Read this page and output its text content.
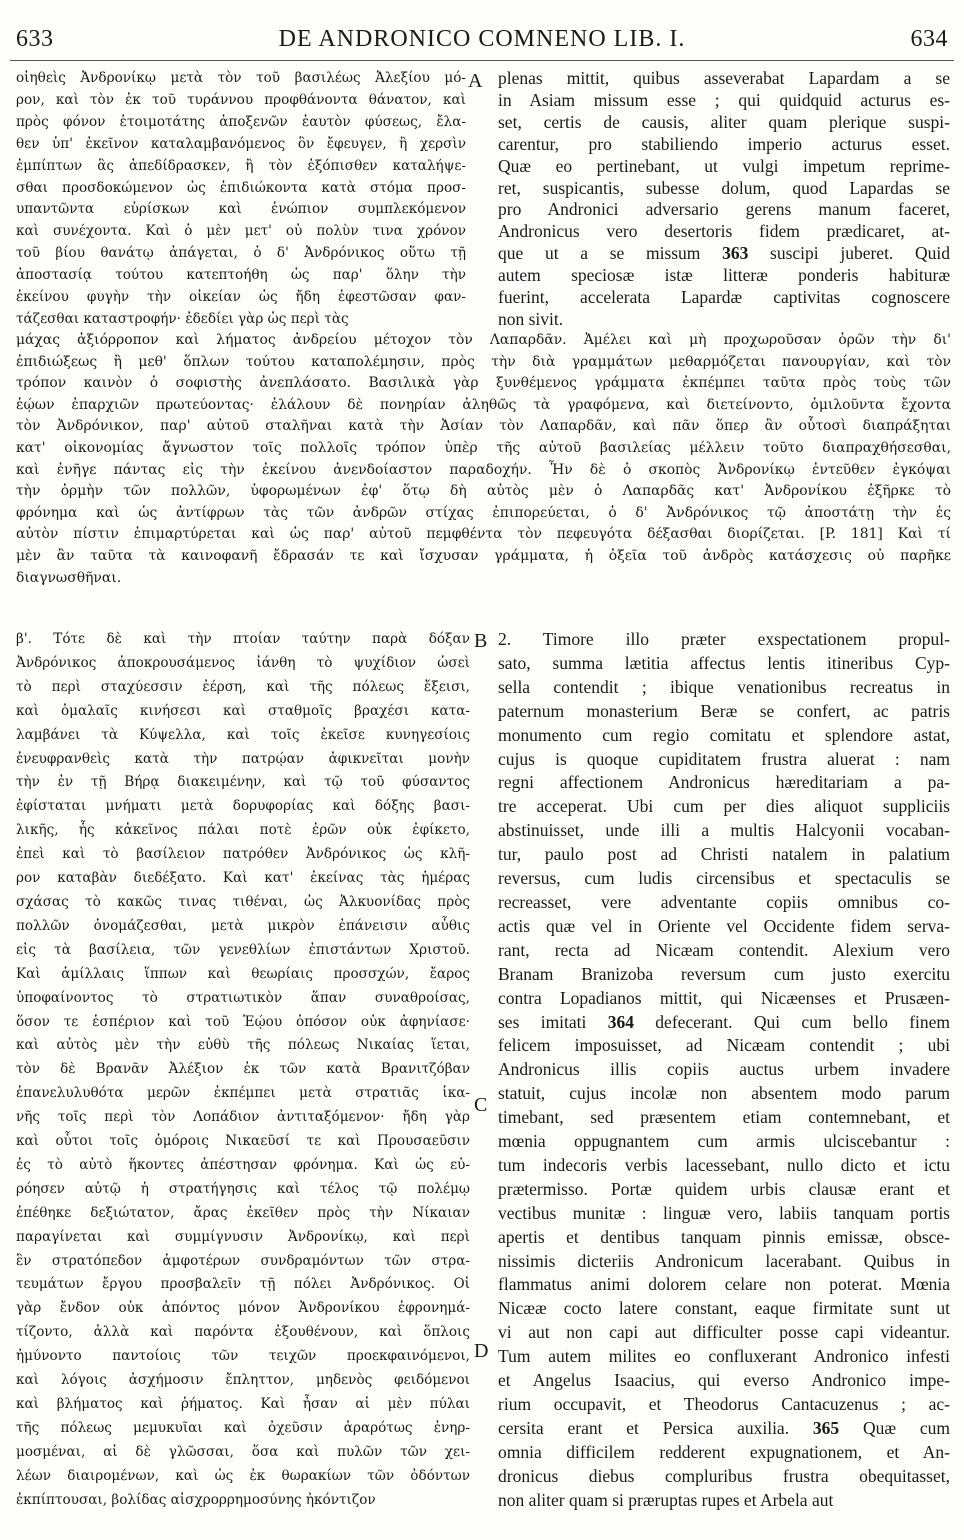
633	DE ANDRONICO COMNENO LIB. I.	634
A
B
C
D
οἰηθεὶς Ἀνδρονίκῳ μετὰ τὸν τοῦ βασιλέως Ἀλεξίου μό-
ρον, καὶ τὸν ἐκ τοῦ τυράννου προφθάνοντα θάνατον, καὶ
πρὸς φόνον ἑτοιμοτάτης ἀποξενῶν ἑαυτὸν φύσεως, ἔλα-
θεν ὑπ' ἐκεῖνον καταλαμβανόμενος ὃν ἔφευγεν, ἢ χερσὶν
ἐμπίπτων ἃς ἀπεδίδρασκεν, ἢ τὸν ἐξόπισθεν καταλήψε-
σθαι προσδοκώμενον ὡς ἐπιδιώκοντα κατὰ στόμα προσ-
υπαντῶντα εὑρίσκων καὶ ἐνώπιον συμπλεκόμενον
καὶ συνέχοντα. Καὶ ὁ μὲν μετ' οὐ πολὺν τινα χρόνον
τοῦ βίου θανάτῳ ἀπάγεται, ὁ δ' Ἀνδρόνικος οὕτω τῇ
ἀποστασίᾳ τούτου κατεπτοήθη ὡς παρ' ὅλην τὴν
ἐκείνου φυγὴν τὴν οἰκείαν ὡς ἤδη ἐφεστῶσαν φαν-
τάζεσθαι καταστροφήν· ἐδεδίει γὰρ ὡς περὶ τὰς
plenas mittit, quibus asseverabat Lapardam a se
in Asiam missum esse ; qui quidquid acturus es-
set, certis de causis, aliter quam plerique suspi-
carentur, pro stabiliendo imperio acturus esset.
Quæ eo pertinebant, ut vulgi impetum reprime-
ret, suspicantis, subesse dolum, quod Lapardas se
pro Andronici adversario gerens manum faceret,
Andronicus vero desertoris fidem prædicaret, at-
que ut a se missum 363 suscipi juberet. Quid
autem speciosæ istæ litteræ ponderis habituræ
fuerint, accelerata Lapardæ captivitas cognoscere
non sivit.
μάχας ἀξιόρροπον καὶ λήματος ἀνδρείου μέτοχον τὸν Λαπαρδᾶν. Ἀμέλει καὶ μὴ προχωροῦσαν ὁρῶν τὴν δι'
ἐπιδιώξεως ἢ μεθ' ὅπλων τούτου καταπολέμησιν, πρὸς τὴν διὰ γραμμάτων μεθαρμόζεται πανουργίαν, καὶ τὸν
τρόπον καινὸν ὁ σοφιστὴς ἀνεπλάσατο. Βασιλικὰ γὰρ ξυνθέμενος γράμματα ἐκπέμπει ταῦτα πρὸς τοὺς τῶν
ἑῴων ἐπαρχιῶν πρωτεύοντας· ἐλάλουν δὲ πονηρίαν ἀληθῶς τὰ γραφόμενα, καὶ διετείνοντο, ὁμιλοῦντα ἔχοντα
τὸν Ἀνδρόνικον, παρ' αὐτοῦ σταλῆναι κατὰ τὴν Ἀσίαν τὸν Λαπαρδᾶν, καὶ πᾶν ὅπερ ἂν οὗτοσὶ διαπράξηται
κατ' οἰκονομίας ἄγνωστον τοῖς πολλοῖς τρόπον ὑπὲρ τῆς αὐτοῦ βασιλείας μέλλειν τοῦτο διαπραχθήσεσθαι,
καὶ ἐνῆγε πάντας εἰς τὴν ἐκείνου ἀνενδοίαστον παραδοχήν. Ἦν δὲ ὁ σκοπὸς Ἀνδρονίκῳ ἐντεῦθεν ἐγκόψαι
τὴν ὁρμὴν τῶν πολλῶν, ὑφορωμένων ἐφ' ὅτῳ δὴ αὐτὸς μὲν ὁ Λαπαρδᾶς κατ' Ἀνδρονίκου ἐξῆρκε τὸ
φρόνημα καὶ ὡς ἀντίφρων τὰς τῶν ἀνδρῶν στίχας ἐπιπορεύεται, ὁ δ' Ἀνδρόνικος τῷ ἀποστάτῃ τὴν ἐς
αὐτὸν πίστιν ἐπιμαρτύρεται καὶ ὡς παρ' αὐτοῦ πεμφθέντα τὸν πεφευγότα δέξασθαι διορίζεται. [P. 181] Καὶ τί
μὲν ἂν ταῦτα τὰ καινοφανῆ ἔδρασάν τε καὶ ἴσχυσαν γράμματα, ἡ ὀξεῖα τοῦ ἀνδρὸς κατάσχεσις οὐ παρῆκε
διαγνωσθῆναι.
β'. Τότε δὲ καὶ τὴν πτοίαν ταύτην παρὰ δόξαν
Ἀνδρόνικος ἀποκρουσάμενος ἰάνθη τὸ ψυχίδιον ὡσεὶ
τὸ περὶ σταχύεσσιν ἐέρση, καὶ τῆς πόλεως ἔξεισι,
καὶ ὁμαλαῖς κινήσεσι καὶ σταθμοῖς βραχέσι κατα-
λαμβάνει τὰ Κύψελλα, καὶ τοῖς ἐκεῖσε κυνηγεσίοις
ἐνευφρανθεὶς κατὰ τὴν πατρῴαν ἀφικνεῖται μονὴν
τὴν ἐν τῇ Βήρᾳ διακειμένην, καὶ τῷ τοῦ φύσαντος
ἐφίσταται μνήματι μετὰ δορυφορίας καὶ δόξης βασι-
λικῆς, ἧς κἀκεῖνος πάλαι ποτὲ ἐρῶν οὐκ ἐφίκετο,
ἐπεὶ καὶ τὸ βασίλειον πατρόθεν Ἀνδρόνικος ὡς κλῆ-
ρον καταβὰν διεδέξατο. Καὶ κατ' ἐκείνας τὰς ἡμέρας
σχάσας τὸ κακῶς τινας τιθέναι, ὡς Ἀλκυονίδας πρὸς
πολλῶν ὀνομάζεσθαι, μετὰ μικρὸν ἐπάνεισιν αὖθις
εἰς τὰ βασίλεια, τῶν γενεθλίων ἐπιστάντων Χριστοῦ.
Καὶ ἁμίλλαις ἵππων καὶ θεωρίαις προσσχών, ἔαρος
ὑποφαίνοντος τὸ στρατιωτικὸν ἅπαν συναθροίσας,
ὅσον τε ἑσπέριον καὶ τοῦ Ἑῴου ὁπόσον οὐκ ἀφηνίασε·
καὶ αὐτὸς μὲν τὴν εὐθὺ τῆς πόλεως Νικαίας ἵεται,
τὸν δὲ Βρανᾶν Ἀλέξιον ἐκ τῶν κατὰ Βρανιτζόβαν
ἐπανελυλυθότα μερῶν ἐκπέμπει μετὰ στρατιᾶς ἱκα-
νῆς τοῖς περὶ τὸν Λοπάδιον ἀντιταξόμενον· ἤδη γὰρ
καὶ οὗτοι τοῖς ὁμόροις Νικαεῦσί τε καὶ Προυσαεῦσιν
ἐς τὸ αὐτὸ ἥκοντες ἀπέστησαν φρόνημα. Καὶ ὡς εὐ-
ρόησεν αὐτῷ ἡ στρατήγησις καὶ τέλος τῷ πολέμῳ
ἐπέθηκε δεξιώτατον, ἄρας ἐκεῖθεν πρὸς τὴν Νίκαιαν
παραγίνεται καὶ συμμίγνυσιν Ἀνδρονίκῳ, καὶ περὶ
ἓν στρατόπεδον ἀμφοτέρων συνδραμόντων τῶν στρα-
τευμάτων ἔργου προσβαλεῖν τῇ πόλει Ἀνδρόνικος. Οἱ
γὰρ ἔνδον οὐκ ἀπόντος μόνον Ἀνδρονίκου ἐφρονημά-
τίζοντο, ἀλλὰ καὶ παρόντα ἐξουθένουν, καὶ ὅπλοις
ἠμύνοντο παντοίοις τῶν τειχῶν προεκφαινόμενοι,
καὶ λόγοις ἀσχήμοσιν ἔπληττον, μηδενὸς φειδόμενοι
καὶ βλήματος καὶ ῥήματος. Καὶ ἦσαν αἱ μὲν πύλαι
τῆς πόλεως μεμυκυῖαι καὶ ὀχεῦσιν ἀραρότως ἐνηρ-
μοσμέναι, αἱ δὲ γλῶσσαι, ὅσα καὶ πυλῶν τῶν χει-
λέων διαιρομένων, καὶ ὡς ἐκ θωρακίων τῶν ὀδόντων
ἐκπίπτουσαι, βολίδας αἰσχρορρημοσύνης ἠκόντιζον
2. Timore illo præter exspectationem propul-
sato, summa lætitia affectus lentis itineribus Cyp-
sella contendit ; ibique venationibus recreatus in
paternum monasterium Beræ se confert, ac patris
monumento cum regio comitatu et splendore astat,
cujus is quoque cupiditatem frustra aluerat : nam
regni affectionem Andronicus hæreditariam a pa-
tre acceperat. Ubi cum per dies aliquot suppliciis
abstinuisset, unde illi a multis Halcyonii vocaban-
tur, paulo post ad Christi natalem in palatium
reversus, cum ludis circensibus et spectaculis se
recreasset, vere adventante copiis omnibus co-
actis quæ vel in Oriente vel Occidente fidem serva-
rant, recta ad Nicæam contendit. Alexium vero
Branam Branizoba reversum cum justo exercitu
contra Lopadianos mittit, qui Nicæenses et Prusæen-
ses imitati 364 defecerant. Qui cum bello finem
felicem imposuisset, ad Nicæam contendit ; ubi
Andronicus illis copiis auctus urbem invadere
statuit, cujus incolæ non absentem modo parum
timebant, sed præsentem etiam contemnebant, et
mœnia oppugnantem cum armis ulciscebantur :
tum indecoris verbis lacessebant, nullo dicto et ictu
prætermisso. Portæ quidem urbis clausæ erant et
vectibus munitæ : linguæ vero, labiis tanquam portis
apertis et dentibus tanquam pinnis emissæ, obsce-
nissimis dicteriis Andronicum lacerabant. Quibus in
flammatus animi dolorem celare non poterat. Mœnia
Nicææ cocto latere constant, eaque firmitate sunt ut
vi aut non capi aut difficulter posse capi videantur.
Tum autem milites eo confluxerant Andronico infesti
et Angelus Isaacius, qui everso Andronico impe-
rium occupavit, et Theodorus Cantacuzenus ; ac-
cersita erant et Persica auxilia. 365 Quæ cum
omnia difficilem redderent expugnationem, et An-
dronicus diebus compluribus frustra obequitasset,
non aliter quam si præruptas rupes et Arbela aut
